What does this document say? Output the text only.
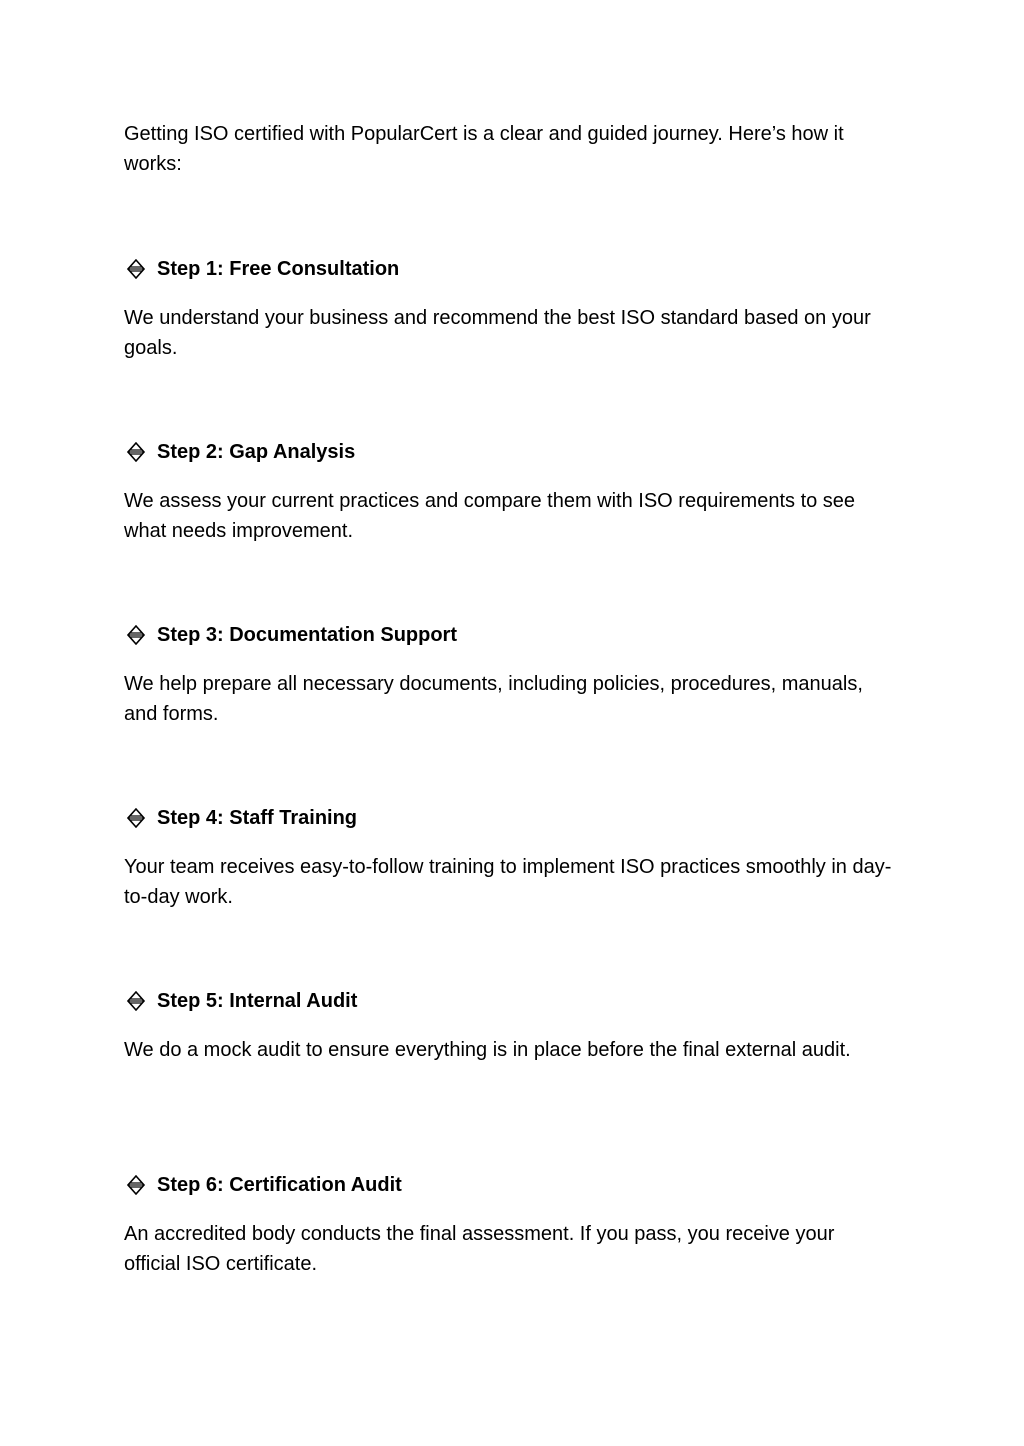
Getting ISO certified with PopularCert is a clear and guided journey. Here’s how it works:

Step 1: Free Consultation

We understand your business and recommend the best ISO standard based on your goals.

Step 2: Gap Analysis

We assess your current practices and compare them with ISO requirements to see what needs improvement.

Step 3: Documentation Support

We help prepare all necessary documents, including policies, procedures, manuals, and forms.

Step 4: Staff Training

Your team receives easy-to-follow training to implement ISO practices smoothly in day-to-day work.

Step 5: Internal Audit

We do a mock audit to ensure everything is in place before the final external audit.

Step 6: Certification Audit

An accredited body conducts the final assessment. If you pass, you receive your official ISO certificate.
